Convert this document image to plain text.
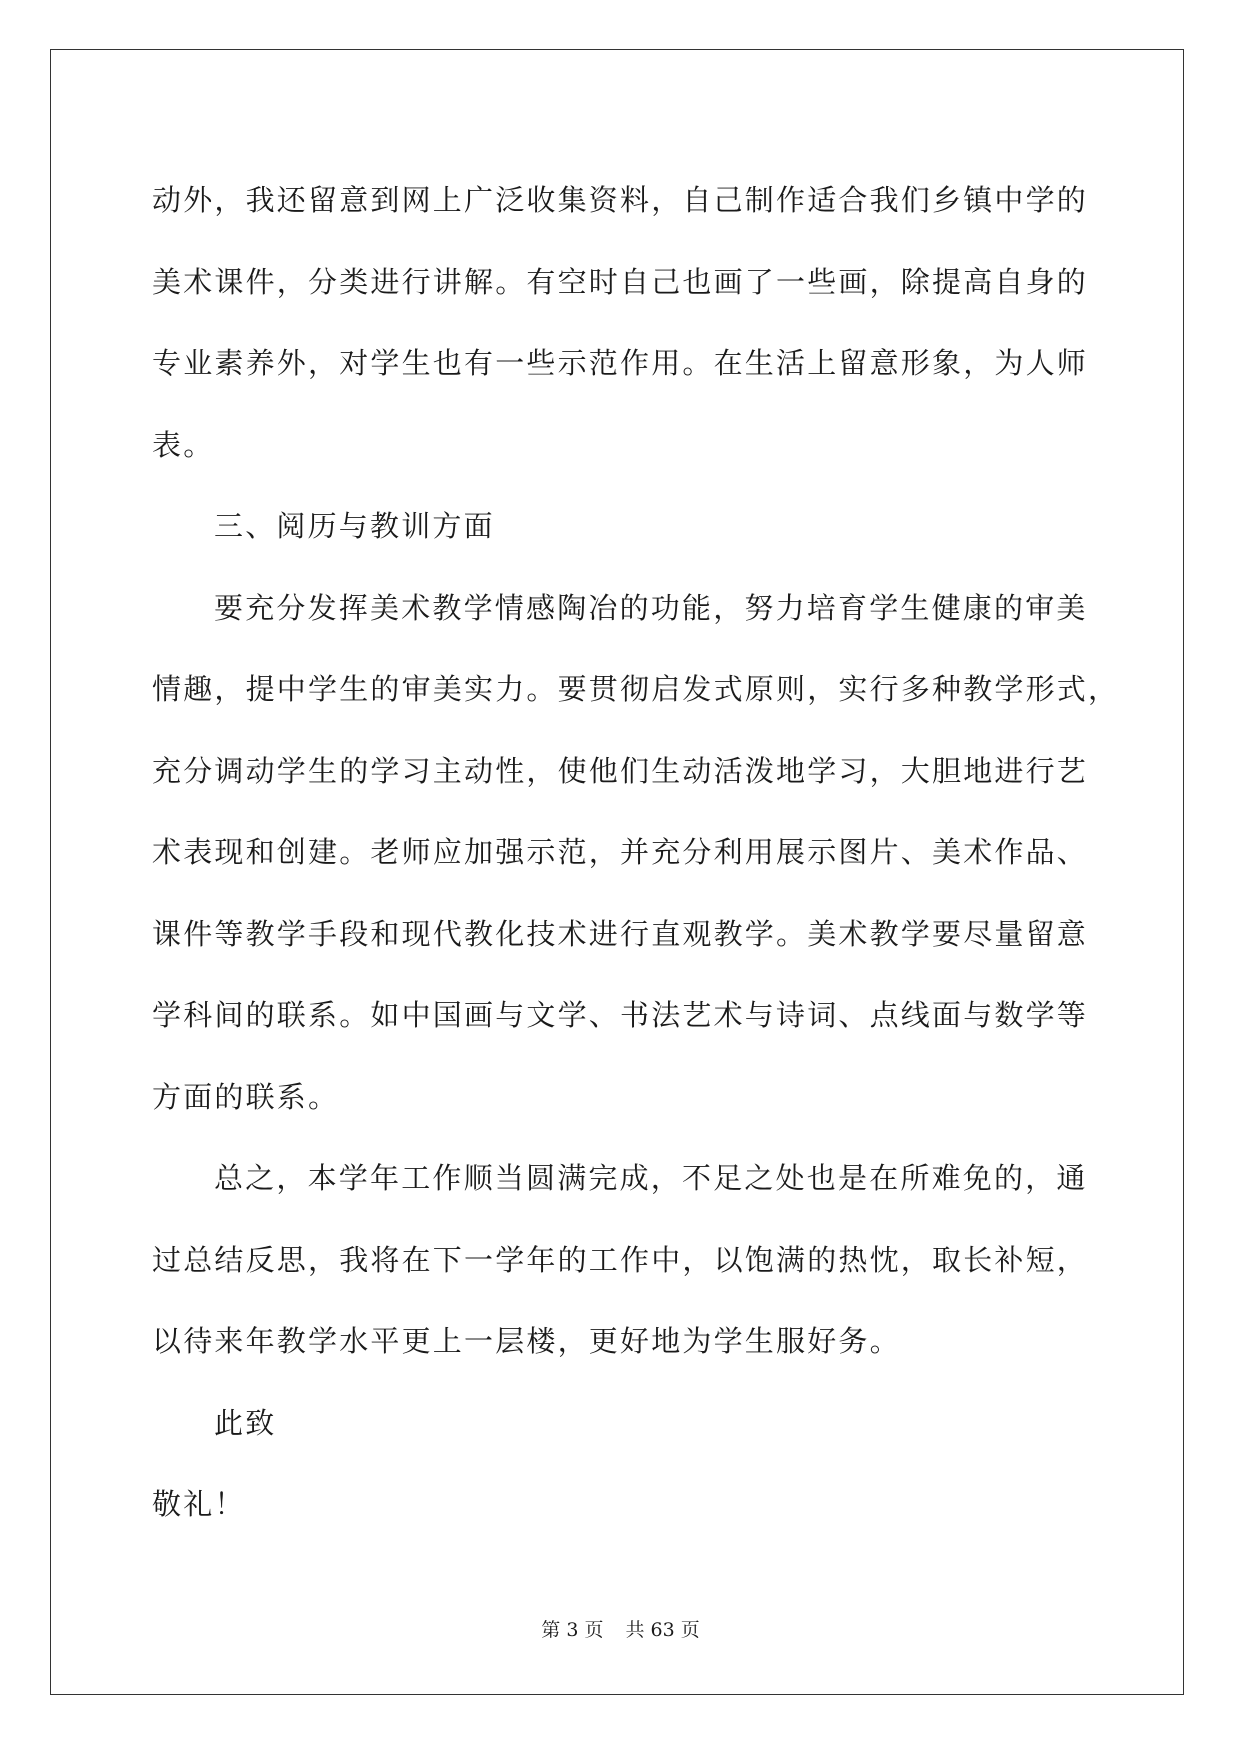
动外，我还留意到网上广泛收集资料，自己制作适合我们乡镇中学的
美术课件，分类进行讲解。有空时自己也画了一些画，除提高自身的
专业素养外，对学生也有一些示范作用。在生活上留意形象，为人师
表。
三、阅历与教训方面
要充分发挥美术教学情感陶冶的功能，努力培育学生健康的审美
情趣，提中学生的审美实力。要贯彻启发式原则，实行多种教学形式，
充分调动学生的学习主动性，使他们生动活泼地学习，大胆地进行艺
术表现和创建。老师应加强示范，并充分利用展示图片、美术作品、
课件等教学手段和现代教化技术进行直观教学。美术教学要尽量留意
学科间的联系。如中国画与文学、书法艺术与诗词、点线面与数学等
方面的联系。
总之，本学年工作顺当圆满完成，不足之处也是在所难免的，通
过总结反思，我将在下一学年的工作中，以饱满的热忱，取长补短，
以待来年教学水平更上一层楼，更好地为学生服好务。
此致
敬礼！
第 3 页 共 63 页
